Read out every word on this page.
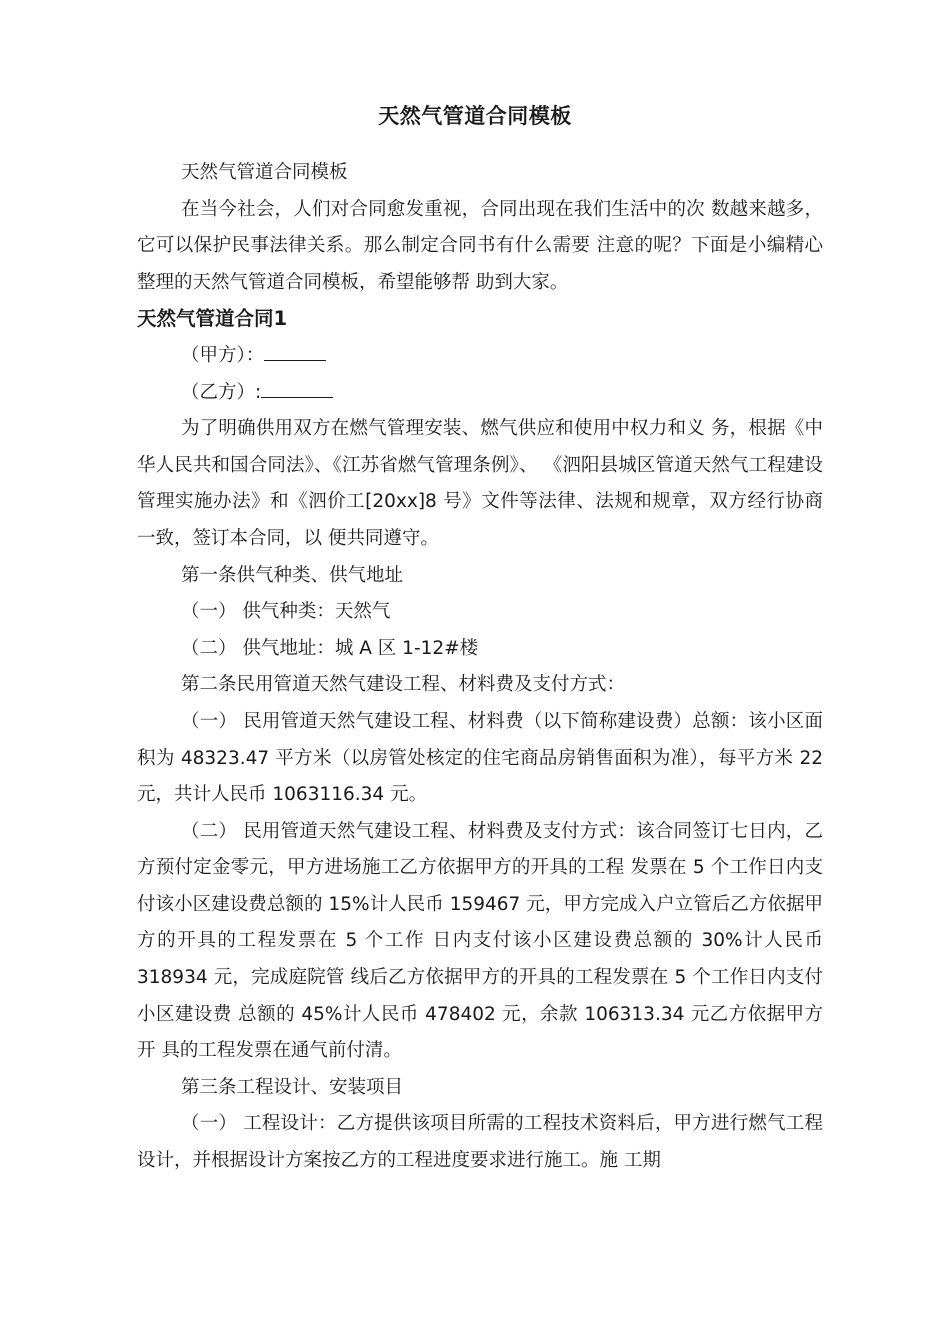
天然气管道合同模板

天然气管道合同模板

在当今社会，人们对合同愈发重视，合同出现在我们生活中的次 数越来越多，它可以保护民事法律关系。那么制定合同书有什么需要 注意的呢？下面是小编精心整理的天然气管道合同模板，希望能够帮 助到大家。

天然气管道合同1

（甲方）：

（乙方）:

为了明确供用双方在燃气管理安装、燃气供应和使用中权力和义 务，根据《中华人民共和国合同法》、《江苏省燃气管理条例》、 《泗阳县城区管道天然气工程建设管理实施办法》和《泗价工[20xx]8 号》文件等法律、法规和规章，双方经行协商一致，签订本合同，以 便共同遵守。

第一条供气种类、供气地址

（一） 供气种类：天然气

（二） 供气地址：城 A 区 1-12#楼

第二条民用管道天然气建设工程、材料费及支付方式：

（一） 民用管道天然气建设工程、材料费（以下简称建设费）总额：该小区面积为 48323.47 平方米（以房管处核定的住宅商品房销售面积为准），每平方米 22 元，共计人民币 1063116.34 元。

（二） 民用管道天然气建设工程、材料费及支付方式：该合同签订七日内，乙方预付定金零元，甲方进场施工乙方依据甲方的开具的工程 发票在 5 个工作日内支付该小区建设费总额的 15%计人民币 159467 元，甲方完成入户立管后乙方依据甲方的开具的工程发票在 5 个工作 日内支付该小区建设费总额的 30%计人民币 318934 元，完成庭院管 线后乙方依据甲方的开具的工程发票在 5 个工作日内支付小区建设费 总额的 45%计人民币 478402 元，余款 106313.34 元乙方依据甲方开 具的工程发票在通气前付清。

第三条工程设计、安装项目

（一） 工程设计：乙方提供该项目所需的工程技术资料后，甲方进行燃气工程设计，并根据设计方案按乙方的工程进度要求进行施工。施 工期
